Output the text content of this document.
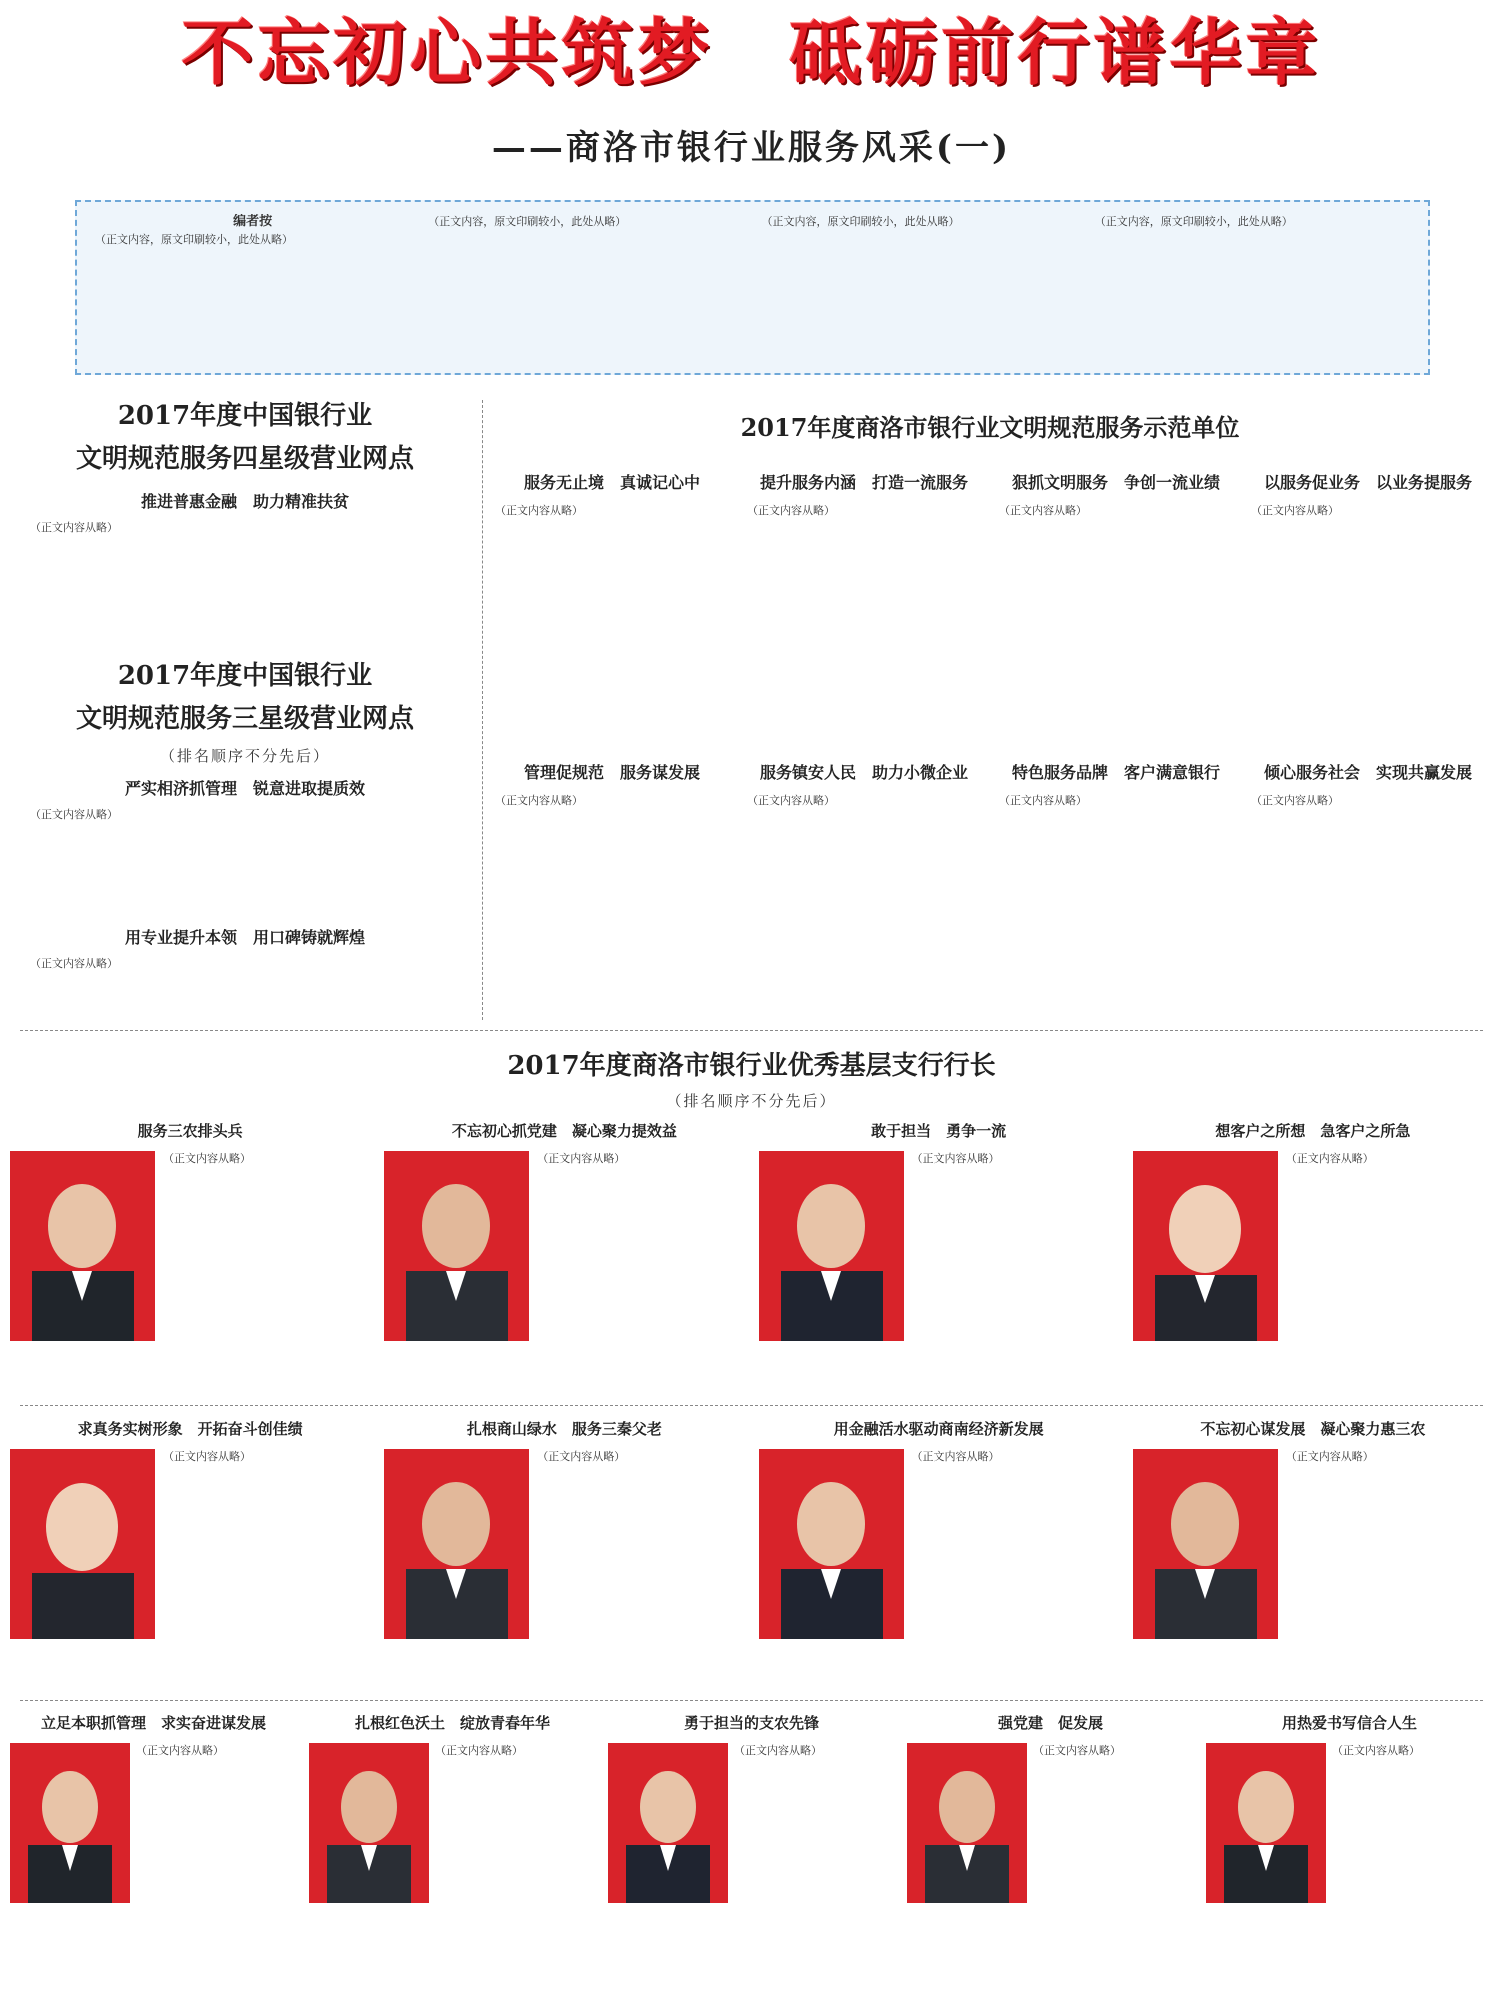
不忘初心共筑梦　砥砺前行谱华章
——商洛市银行业服务风采(一)
编者按
（正文内容，原文印刷较小，此处从略）
（正文内容，原文印刷较小，此处从略）	（正文内容，原文印刷较小，此处从略）	（正文内容，原文印刷较小，此处从略）
2017年度中国银行业
文明规范服务四星级营业网点
推进普惠金融　助力精准扶贫
（正文内容从略）
2017年度中国银行业
文明规范服务三星级营业网点
（排名顺序不分先后）
严实相济抓管理　锐意进取提质效
（正文内容从略）
用专业提升本领　用口碑铸就辉煌
（正文内容从略）
2017年度商洛市银行业文明规范服务示范单位
服务无止境　真诚记心中
（正文内容从略）
提升服务内涵　打造一流服务
（正文内容从略）
狠抓文明服务　争创一流业绩
（正文内容从略）
以服务促业务　以业务提服务
（正文内容从略）
管理促规范　服务谋发展
（正文内容从略）
服务镇安人民　助力小微企业
（正文内容从略）
特色服务品牌　客户满意银行
（正文内容从略）
倾心服务社会　实现共赢发展
（正文内容从略）
2017年度商洛市银行业优秀基层支行行长
（排名顺序不分先后）
服务三农排头兵
（正文内容从略）
不忘初心抓党建　凝心聚力提效益
（正文内容从略）
敢于担当　勇争一流
（正文内容从略）
想客户之所想　急客户之所急
（正文内容从略）
求真务实树形象　开拓奋斗创佳绩
（正文内容从略）
扎根商山绿水　服务三秦父老
（正文内容从略）
用金融活水驱动商南经济新发展
（正文内容从略）
不忘初心谋发展　凝心聚力惠三农
（正文内容从略）
立足本职抓管理　求实奋进谋发展
（正文内容从略）
扎根红色沃土　绽放青春年华
（正文内容从略）
勇于担当的支农先锋
（正文内容从略）
强党建　促发展
（正文内容从略）
用热爱书写信合人生
（正文内容从略）
